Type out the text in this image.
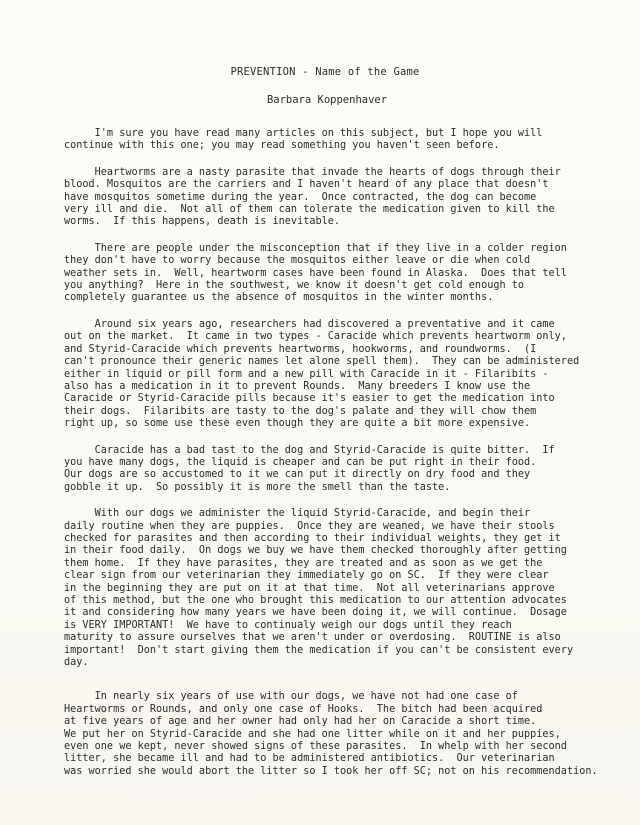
PREVENTION - Name of the Game
Barbara Koppenhaver
I'm sure you have read many articles on this subject, but I hope you will
continue with this one; you may read something you haven't seen before.
Heartworms are a nasty parasite that invade the hearts of dogs through their
blood. Mosquitos are the carriers and I haven't heard of any place that doesn't
have mosquitos sometime during the year.  Once contracted, the dog can become
very ill and die.  Not all of them can tolerate the medication given to kill the
worms.  If this happens, death is inevitable.
There are people under the misconception that if they live in a colder region
they don't have to worry because the mosquitos either leave or die when cold
weather sets in.  Well, heartworm cases have been found in Alaska.  Does that tell
you anything?  Here in the southwest, we know it doesn't get cold enough to
completely guarantee us the absence of mosquitos in the winter months.
Around six years ago, researchers had discovered a preventative and it came
out on the market.  It came in two types - Caracide which prevents heartworm only,
and Styrid-Caracide which prevents heartworms, hookworms, and roundworms.  (I
can't pronounce their generic names let alone spell them).  They can be administered
either in liquid or pill form and a new pill with Caracide in it - Filaribits -
also has a medication in it to prevent Rounds.  Many breeders I know use the
Caracide or Styrid-Caracide pills because it's easier to get the medication into
their dogs.  Filaribits are tasty to the dog's palate and they will chow them
right up, so some use these even though they are quite a bit more expensive.
Caracide has a bad tast to the dog and Styrid-Caracide is quite bitter.  If
you have many dogs, the liquid is cheaper and can be put right in their food.
Our dogs are so accustomed to it we can put it directly on dry food and they
gobble it up.  So possibly it is more the smell than the taste.
With our dogs we administer the liquid Styrid-Caracide, and begin their
daily routine when they are puppies.  Once they are weaned, we have their stools
checked for parasites and then according to their individual weights, they get it
in their food daily.  On dogs we buy we have them checked thoroughly after getting
them home.  If they have parasites, they are treated and as soon as we get the
clear sign from our veterinarian they immediately go on SC.  If they were clear
in the beginning they are put on it at that time.  Not all veterinarians approve
of this method, but the one who brought this medication to our attention advocates
it and considering how many years we have been doing it, we will continue.  Dosage
is VERY IMPORTANT!  We have to continualy weigh our dogs until they reach
maturity to assure ourselves that we aren't under or overdosing.  ROUTINE is also
important!  Don't start giving them the medication if you can't be consistent every
day.
In nearly six years of use with our dogs, we have not had one case of
Heartworms or Rounds, and only one case of Hooks.  The bitch had been acquired
at five years of age and her owner had only had her on Caracide a short time.
We put her on Styrid-Caracide and she had one litter while on it and her puppies,
even one we kept, never showed signs of these parasites.  In whelp with her second
litter, she became ill and had to be administered antibiotics.  Our veterinarian
was worried she would abort the litter so I took her off SC; not on his recommendation.
